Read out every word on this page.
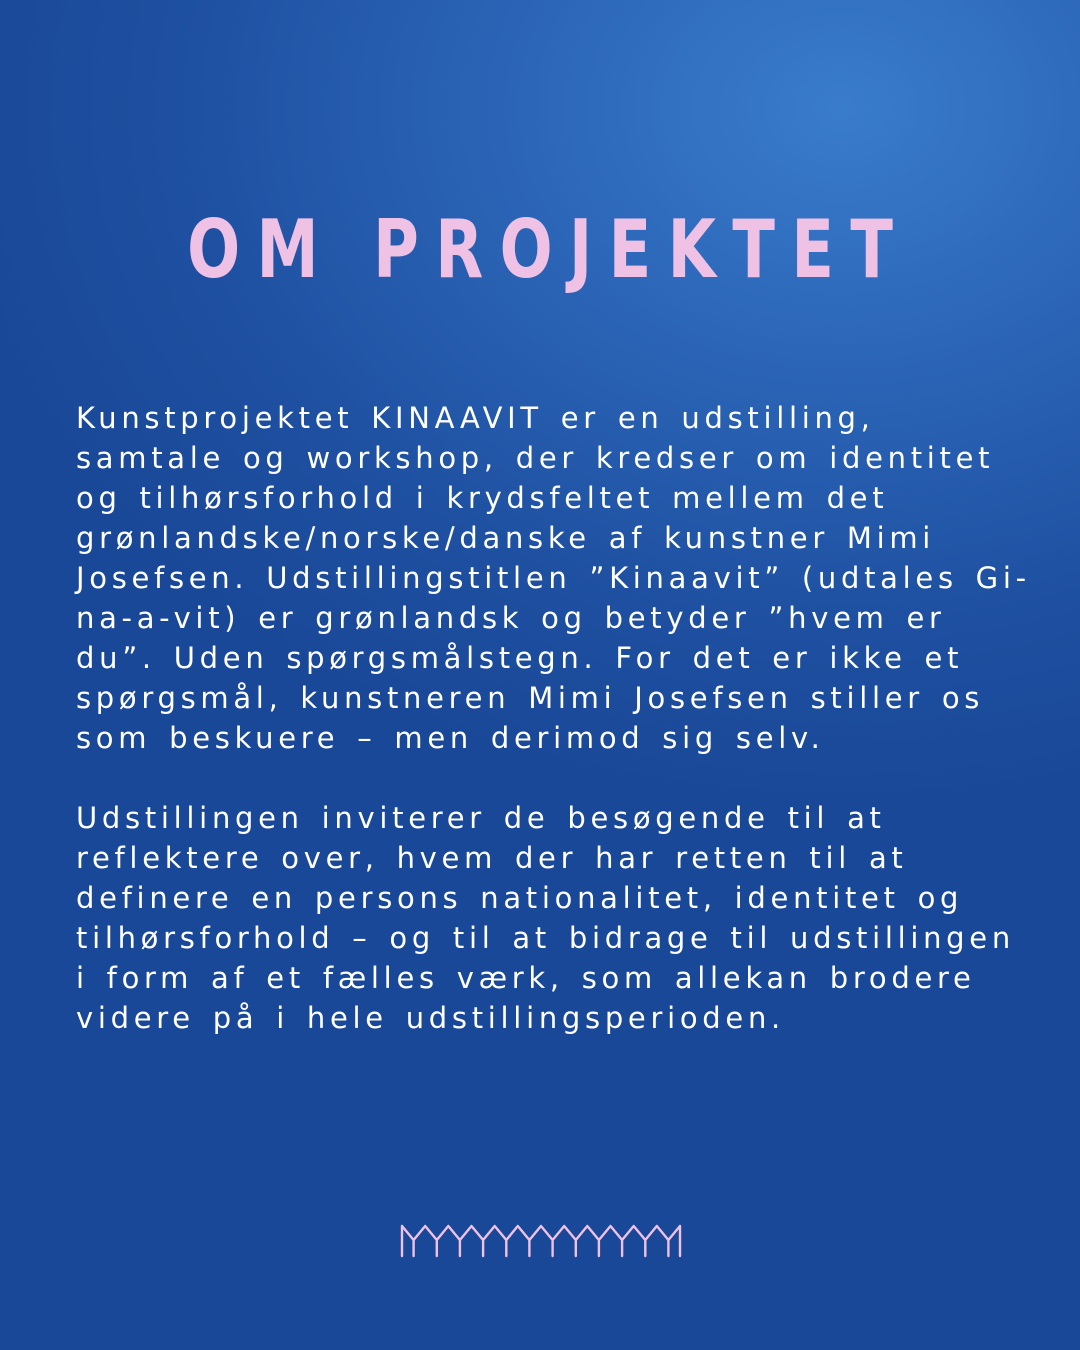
OM PROJEKTET

Kunstprojektet KINAAVIT er en udstilling, samtale og workshop, der kredser om identitet og tilhørsforhold i krydsfeltet mellem det grønlandske/norske/danske af kunstner Mimi Josefsen. Udstillingstitlen ”Kinaavit” (udtales Gi-na-a-vit) er grønlandsk og betyder ”hvem er du”. Uden spørgsmålstegn. For det er ikke et spørgsmål, kunstneren Mimi Josefsen stiller os som beskuere – men derimod sig selv.

Udstillingen inviterer de besøgende til at reflektere over, hvem der har retten til at definere en persons nationalitet, identitet og tilhørsforhold – og til at bidrage til udstillingen i form af et fælles værk, som allekan brodere videre på i hele udstillingsperioden.
